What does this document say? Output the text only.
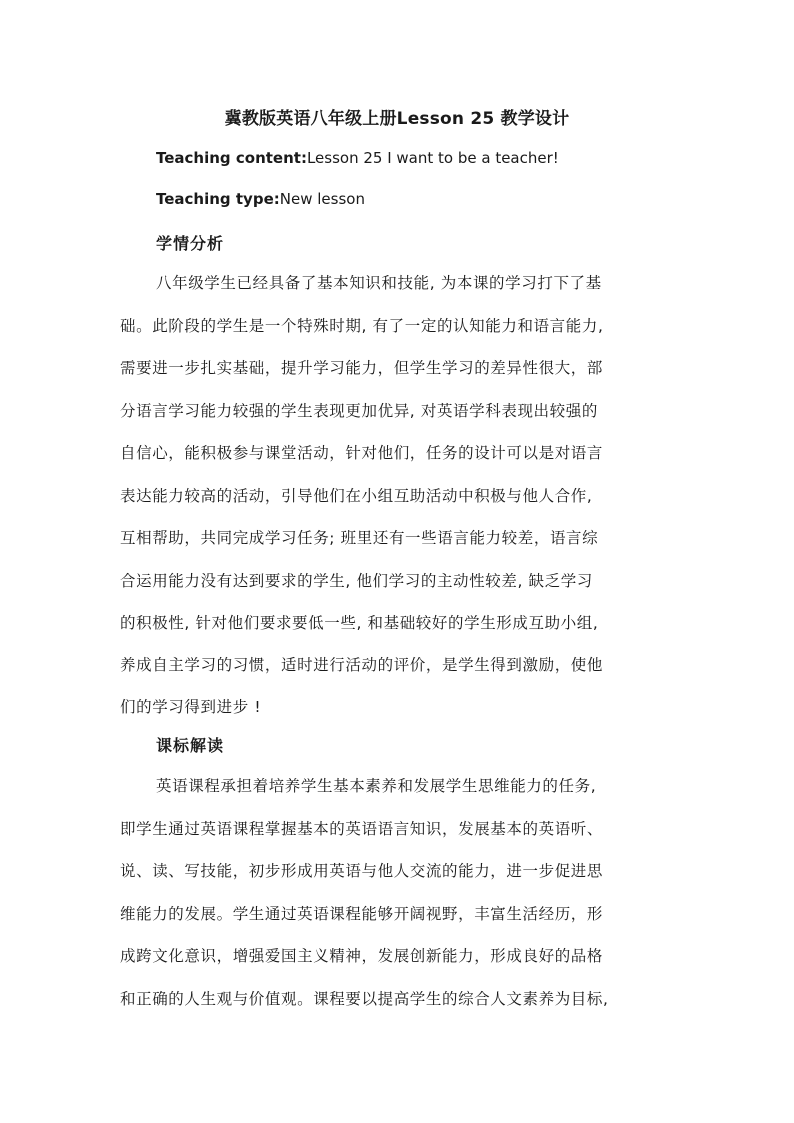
冀教版英语八年级上册Lesson 25 教学设计
Teaching content:Lesson 25 I want to be a teacher!
Teaching type:New lesson
学情分析
八年级学生已经具备了基本知识和技能, 为本课的学习打下了基
础。此阶段的学生是一个特殊时期, 有了一定的认知能力和语言能力,
需要进一步扎实基础，提升学习能力，但学生学习的差异性很大，部
分语言学习能力较强的学生表现更加优异, 对英语学科表现出较强的
自信心，能积极参与课堂活动，针对他们，任务的设计可以是对语言
表达能力较高的活动，引导他们在小组互助活动中积极与他人合作,
互相帮助，共同完成学习任务; 班里还有一些语言能力较差，语言综
合运用能力没有达到要求的学生, 他们学习的主动性较差, 缺乏学习
的积极性, 针对他们要求要低一些, 和基础较好的学生形成互助小组,
养成自主学习的习惯，适时进行活动的评价，是学生得到激励，使他
们的学习得到进步 !
课标解读
英语课程承担着培养学生基本素养和发展学生思维能力的任务,
即学生通过英语课程掌握基本的英语语言知识，发展基本的英语听、
说、读、写技能，初步形成用英语与他人交流的能力，进一步促进思
维能力的发展。学生通过英语课程能够开阔视野，丰富生活经历，形
成跨文化意识，增强爱国主义精神，发展创新能力，形成良好的品格
和正确的人生观与价值观。课程要以提高学生的综合人文素养为目标,
